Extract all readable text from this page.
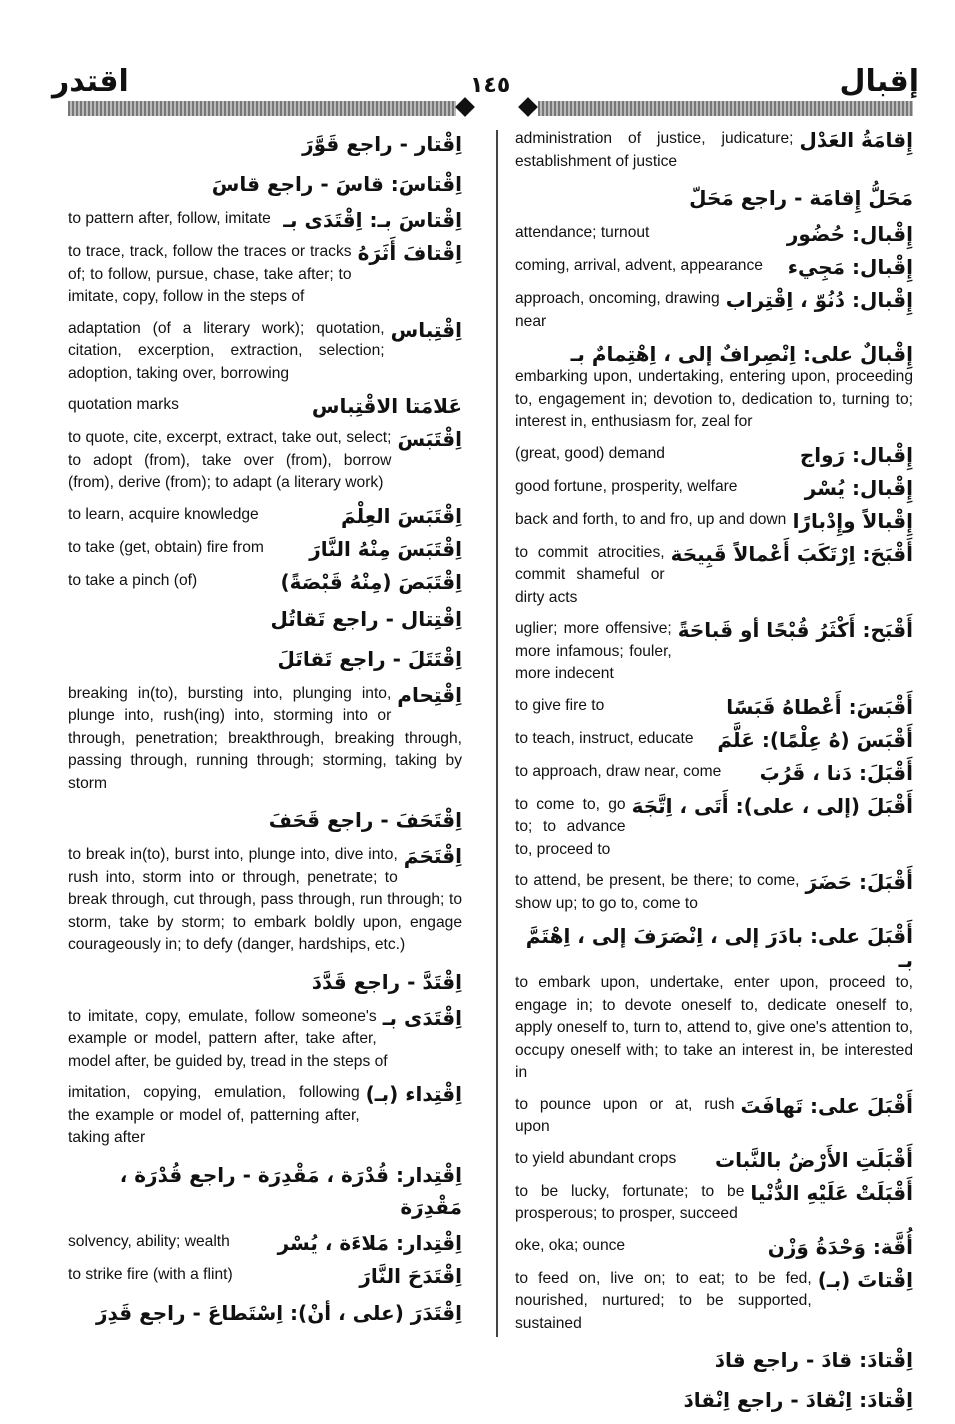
اقتدر	١٤٥	إقبال
اِقْتار - راجع قَوَّرَ
اِقْتاسَ: قاسَ - راجع قاسَ
اِقْتاسَ بـ: اِقْتَدَى بـ
to pattern after, follow, imitate
اِقْتافَ أَثَرَهُ
to trace, track, follow the traces or tracks of; to follow, pursue, chase, take after; to imitate, copy, follow in the steps of
اِقْتِباس
adaptation (of a literary work); quotation, citation, excerption, extraction, selection; adoption, taking over, borrowing
عَلامَتا الاقْتِباس
quotation marks
اِقْتَبَسَ
to quote, cite, excerpt, extract, take out, select; to adopt (from), take over (from), borrow (from), derive (from); to adapt (a literary work)
اِقْتَبَسَ العِلْمَ
to learn, acquire knowledge
اِقْتَبَسَ مِنْهُ النَّارَ
to take (get, obtain) fire from
اِقْتَبَصَ (مِنْهُ قَبْصَةً)
to take a pinch (of)
اِقْتِتال - راجع تَقاتُل
اِقْتَتَلَ - راجع تَقاتَلَ
اِقْتِحام
breaking in(to), bursting into, plunging into, plunge into, rush(ing) into, storming into or through, penetration; breakthrough, breaking through, passing through, running through; storming, taking by storm
اِقْتَحَفَ - راجع قَحَفَ
اِقْتَحَمَ
to break in(to), burst into, plunge into, dive into, rush into, storm into or through, penetrate; to break through, cut through, pass through, run through; to storm, take by storm; to embark boldly upon, engage courageously in; to defy (danger, hardships, etc.)
اِقْتَدَّ - راجع قَدَّدَ
اِقْتَدَى بـ
to imitate, copy, emulate, follow someone's example or model, pattern after, take after, model after, be guided by, tread in the steps of
اِقْتِداء (بـ)
imitation, copying, emulation, following the example or model of, patterning after, taking after
اِقْتِدار: قُدْرَة ، مَقْدِرَة - راجع قُدْرَة ، مَقْدِرَة
اِقْتِدار: مَلاءَة ، يُسْر
solvency, ability; wealth
اِقْتَدَحَ النَّارَ
to strike fire (with a flint)
اِقْتَدَرَ (على ، أنْ): اِسْتَطاعَ - راجع قَدِرَ
إِقامَةُ العَدْل
administration of justice, judicature; establishment of justice
مَحَلُّ إِقامَة - راجع مَحَلّ
إِقْبال: حُضُور
attendance; turnout
إِقْبال: مَجِيء
coming, arrival, advent, appearance
إِقْبال: دُنُوّ ، اِقْتِراب
approach, oncoming, drawing near
إِقْبالٌ على: اِنْصِرافٌ إلى ، اِهْتِمامٌ بـ
embarking upon, undertaking, entering upon, proceeding to, engagement in; devotion to, dedication to, turning to; interest in, enthusiasm for, zeal for
إِقْبال: رَواج
(great, good) demand
إِقْبال: يُسْر
good fortune, prosperity, welfare
إِقْبالاً وإِدْبارًا
back and forth, to and fro, up and down
أَقْبَحَ: اِرْتَكَبَ أَعْمالاً قَبِيحَة
to commit atrocities, commit shameful or dirty acts
أَقْبَح: أَكْثَرُ قُبْحًا أو قَباحَةً
uglier; more offensive; more infamous; fouler, more indecent
أَقْبَسَ: أَعْطاهُ قَبَسًا
to give fire to
أَقْبَسَ (هُ عِلْمًا): عَلَّمَ
to teach, instruct, educate
أَقْبَلَ: دَنا ، قَرُبَ
to approach, draw near, come
أَقْبَلَ (إلى ، على): أَتَى ، اِتَّجَهَ
to come to, go to; to advance to, proceed to
أَقْبَلَ: حَضَرَ
to attend, be present, be there; to come, show up; to go to, come to
أَقْبَلَ على: بادَرَ إلى ، اِنْصَرَفَ إلى ، اِهْتَمَّ بـ
to embark upon, undertake, enter upon, proceed to, engage in; to devote oneself to, dedicate oneself to, apply oneself to, turn to, attend to, give one's attention to, occupy oneself with; to take an interest in, be interested in
أَقْبَلَ على: تَهافَتَ
to pounce upon or at, rush upon
أَقْبَلَتِ الأَرْضُ بالنَّبات
to yield abundant crops
أَقْبَلَتْ عَلَيْهِ الدُّنْيا
to be lucky, fortunate; to be prosperous; to prosper, succeed
أُقَّة: وَحْدَةُ وَزْن
oke, oka; ounce
اِقْتاتَ (بـ)
to feed on, live on; to eat; to be fed, nourished, nurtured; to be supported, sustained
اِقْتادَ: قادَ - راجع قادَ
اِقْتادَ: اِنْقادَ - راجع اِنْقادَ
